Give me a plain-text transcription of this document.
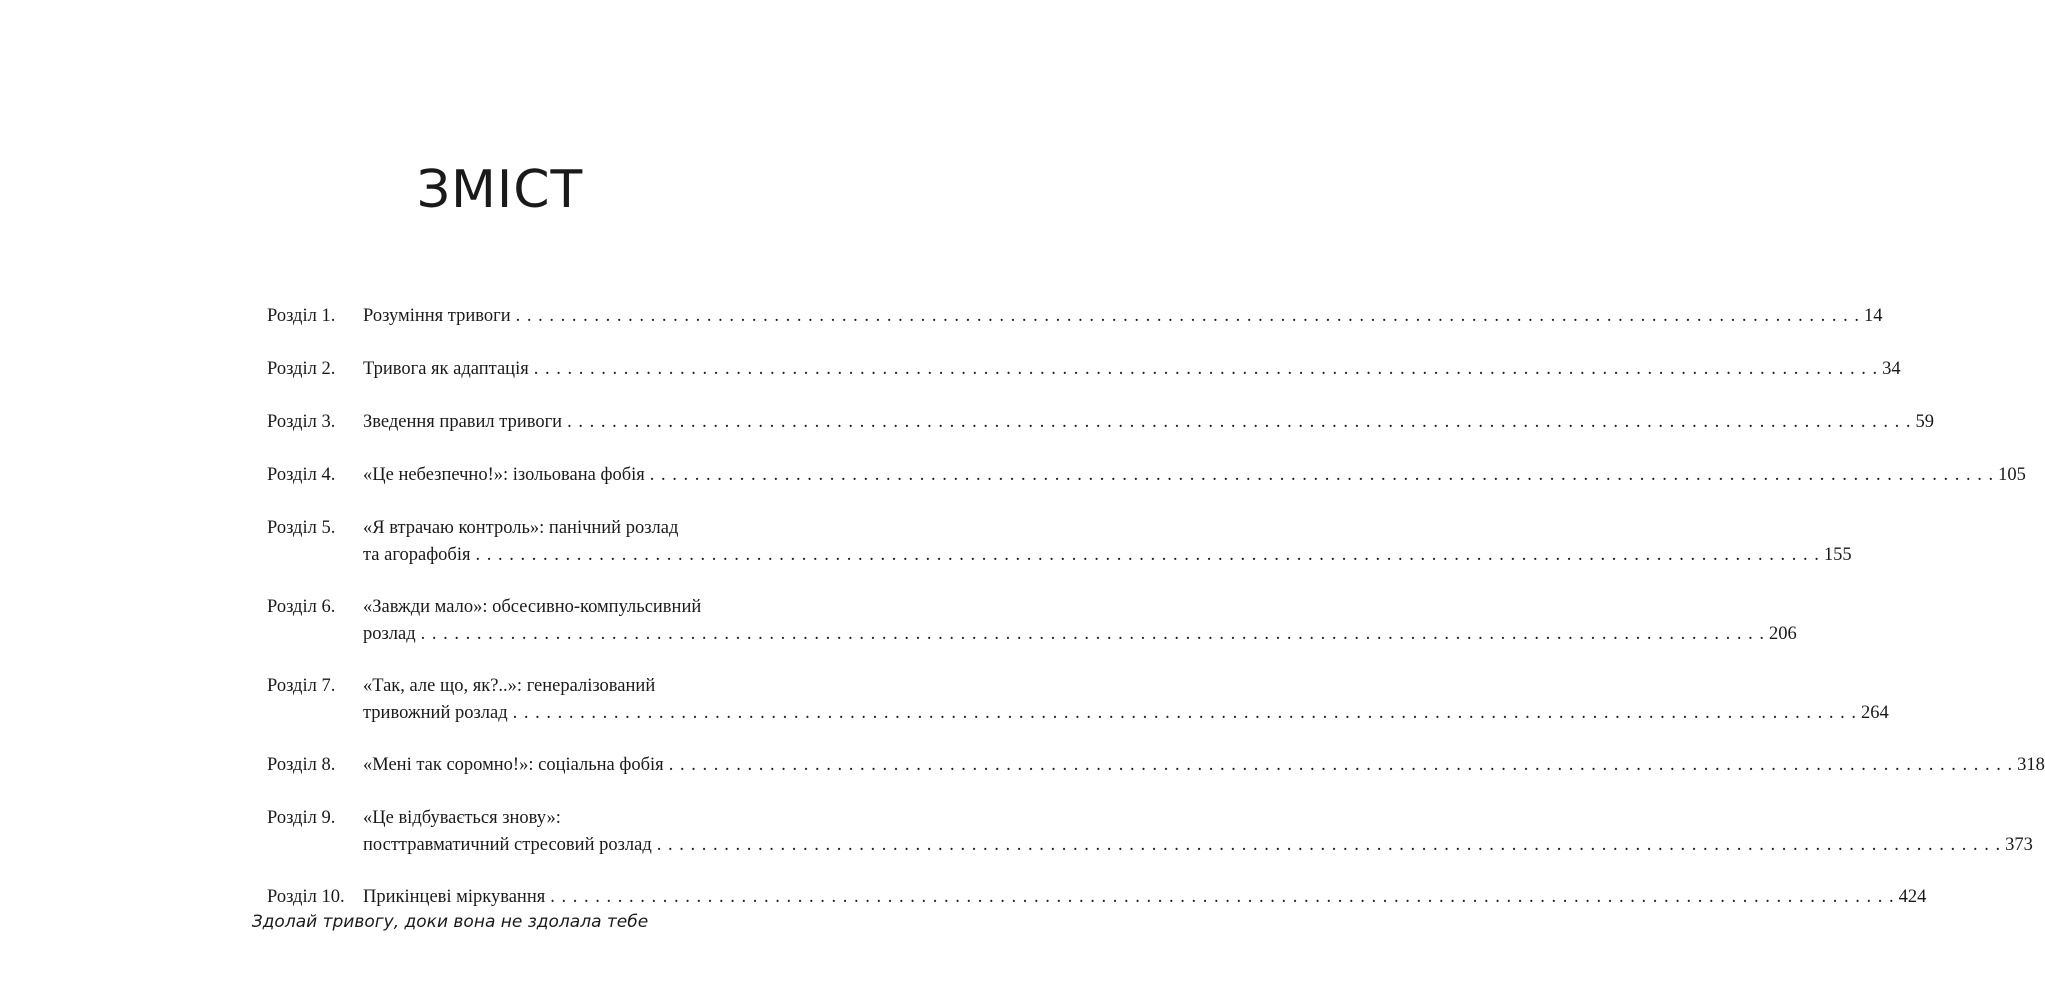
ЗМІСТ
Розділ 1.	Розуміння тривоги . . . . . . . . . . . . . . . . . . . . . . . . . . . . . . . . . . . . . . . . . . . . . . . . . . . . . . . . . . . . . . . . . . . . . . . . . . . . . . . . . . . . . . . . . . . . . . . . . . . . . . . . . . . . . . . . . . . . . . . . 14
Розділ 2.	Тривога як адаптація . . . . . . . . . . . . . . . . . . . . . . . . . . . . . . . . . . . . . . . . . . . . . . . . . . . . . . . . . . . . . . . . . . . . . . . . . . . . . . . . . . . . . . . . . . . . . . . . . . . . . . . . . . . . . . . . . . . . . . . . 34
Розділ 3.	Зведення правил тривоги . . . . . . . . . . . . . . . . . . . . . . . . . . . . . . . . . . . . . . . . . . . . . . . . . . . . . . . . . . . . . . . . . . . . . . . . . . . . . . . . . . . . . . . . . . . . . . . . . . . . . . . . . . . . . . . . . . . . . . . . 59
Розділ 4.	«Це небезпечно!»: ізольована фобія . . . . . . . . . . . . . . . . . . . . . . . . . . . . . . . . . . . . . . . . . . . . . . . . . . . . . . . . . . . . . . . . . . . . . . . . . . . . . . . . . . . . . . . . . . . . . . . . . . . . . . . . . . . . . . . . . . . . . . . . 105
Розділ 5.	«Я втрачаю контроль»: панічний розлад
та агорафобія . . . . . . . . . . . . . . . . . . . . . . . . . . . . . . . . . . . . . . . . . . . . . . . . . . . . . . . . . . . . . . . . . . . . . . . . . . . . . . . . . . . . . . . . . . . . . . . . . . . . . . . . . . . . . . . . . . . . . . . . 155
Розділ 6.	«Завжди мало»: обсесивно-компульсивний
розлад . . . . . . . . . . . . . . . . . . . . . . . . . . . . . . . . . . . . . . . . . . . . . . . . . . . . . . . . . . . . . . . . . . . . . . . . . . . . . . . . . . . . . . . . . . . . . . . . . . . . . . . . . . . . . . . . . . . . . . . . 206
Розділ 7.	«Так, але що, як?..»: генералізований
тривожний розлад . . . . . . . . . . . . . . . . . . . . . . . . . . . . . . . . . . . . . . . . . . . . . . . . . . . . . . . . . . . . . . . . . . . . . . . . . . . . . . . . . . . . . . . . . . . . . . . . . . . . . . . . . . . . . . . . . . . . . . . . 264
Розділ 8.	«Мені так соромно!»: соціальна фобія . . . . . . . . . . . . . . . . . . . . . . . . . . . . . . . . . . . . . . . . . . . . . . . . . . . . . . . . . . . . . . . . . . . . . . . . . . . . . . . . . . . . . . . . . . . . . . . . . . . . . . . . . . . . . . . . . . . . . . . . 318
Розділ 9.	«Це відбувається знову»:
посттравматичний стресовий розлад . . . . . . . . . . . . . . . . . . . . . . . . . . . . . . . . . . . . . . . . . . . . . . . . . . . . . . . . . . . . . . . . . . . . . . . . . . . . . . . . . . . . . . . . . . . . . . . . . . . . . . . . . . . . . . . . . . . . . . . . 373
Розділ 10. Прикінцеві міркування . . . . . . . . . . . . . . . . . . . . . . . . . . . . . . . . . . . . . . . . . . . . . . . . . . . . . . . . . . . . . . . . . . . . . . . . . . . . . . . . . . . . . . . . . . . . . . . . . . . . . . . . . . . . . . . . . . . . . . . . 424
Здолай тривогу, доки вона не здолала тебе
